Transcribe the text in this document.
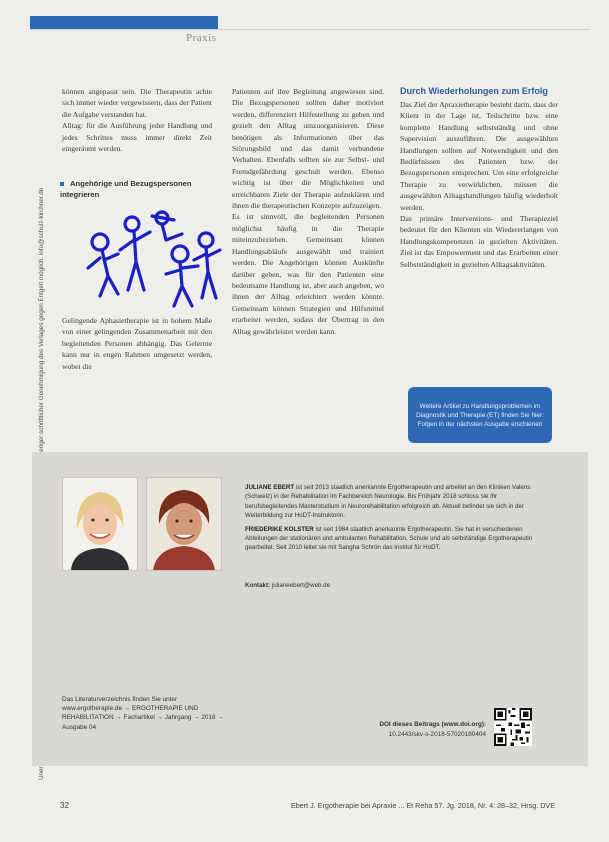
Praxis

können angepasst sein. Die Therapeutin achte sich immer wieder vergewissern, dass der Patient die Aufgabe verstanden hat.

Alltag: für die Ausführung jeder Handlung und jedes Schrittes muss immer direkt Zeit eingeräumt werden.

Angehörige und Bezugspersonen integrieren

Gelingende Aphasietherapie ist in hohem Maße von einer gelingenden Zusammenarbeit mit den begleitenden Personen abhängig. Das Gelernte kann nur in engen Rahmen umgesetzt werden, wobei die

Patienten auf ihre Begleitung angewiesen sind. Die Bezugspersonen sollten daher motiviert werden, differenziert Hilfestellung zu geben und gezielt den Alltag umzuorganisieren. Diese benötigen als Informationen über das Störungsbild und das damit verbundene Verhalten. Ebenfalls sollten sie zur Selbst- und Fremdgefährdung geschult werden. Ebenso wichtig ist über die Möglichkeiten und erreichbaren Ziele der Therapie aufzuklären und ihnen die therapeutischen Konzepte aufzuzeigen.

Es ist sinnvoll, die begleitenden Personen möglichst häufig in die Therapie miteinzubeziehen. Gemeinsam können Handlungsabläufe ausgewählt und trainiert werden. Die Angehörigen können Auskünfte darüber geben, was für den Patienten eine bedeutsame Handlung ist, aber auch angeben, wo ihnen der Alltag erleichtert werden könnte. Gemeinsam können Strategien und Hilfsmittel erarbeitet werden, sodass der Übertrag in den Alltag gewährleistet werden kann.

Durch Wiederholungen zum Erfolg

Das Ziel der Apraxietherapie besteht darin, dass der Klient in der Lage ist, Teilschritte bzw. eine komplette Handlung selbstständig und ohne Supervision auszuführen. Die ausgewählten Handlungen sollten auf Notwendigkeit und den Bedürfnissen des Patienten bzw. der Bezugspersonen entsprechen. Um eine erfolgreiche Therapie zu verwirklichen, müssen die ausgewählten Alltagshandlungen häufig wiederholt werden.

Das primäre Interventions- und Therapieziel bedeutet für den Klienten ein Wiedererlangen von Handlungskompetenzen in gezielten Aktivitäten. Ziel ist das Empowerment und das Erarbeiten einer Selbstständigkeit in gezielten Alltagsaktivitäten.

Weitere Artikel zu Handlungsproblemen im Diagnostik und Therapie (ET) finden Sie hier: Folgen in der nächsten Ausgabe erschienen

JULIANE EBERT ist seit 2013 staatlich anerkannte Ergotherapeutin und arbeitet an den Kliniken Valens (Schweiz) in der Rehabilitation im Fachbereich Neurologie. Bis Frühjahr 2018 schloss sie ihr berufsbegleitendes Masterstudium in Neurorehabilitation erfolgreich ab. Aktuell befindet sie sich in der Weiterbildung zur HoDT-Instruktorin.

FRIEDERIKE KOLSTER ist seit 1984 staatlich anerkannte Ergotherapeutin. Sie hat in verschiedenen Abteilungen der stationären und ambulanten Rehabilitation, Schule und als selbständige Ergotherapeutin gearbeitet. Seit 2010 leitet sie mit Sangha Schrön das Institut für HoDT.

Kontakt: julianeebert@web.de
Das Literaturverzeichnis finden Sie unter www.ergotherapie.de → ERGOTHERAPIE UND REHABILITATION → Fachartikel → Jahrgang → 2018 → Ausgabe 04	DOI dieses Beitrags (www.doi.org):
10.2443/skv-s-2018-57020180404
32	Ebert J. Ergotherapie bei Apraxie ... Et Reha 57. Jg. 2018, Nr. 4: 28–32, Hrsg. DVE
